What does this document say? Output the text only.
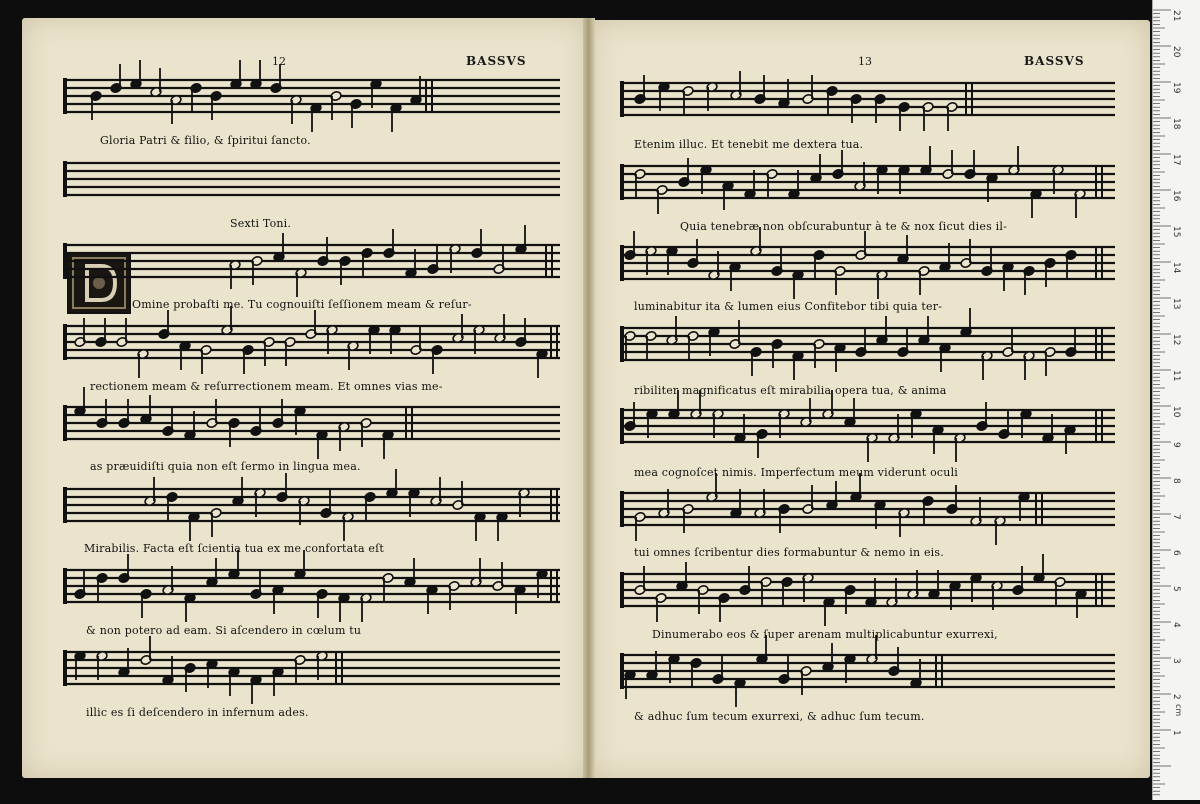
12	BASSVS	13	BASSVS
Gloria Patri & filio, & ſpiritui ſancto.
Sexti Toni.
Omine probaſti me. Tu cognouiſti ſeſſionem meam & reſur-
rectionem meam & reſurrectionem meam. Et omnes vias me-
as præuidiſti quia non eſt ſermo in lingua mea.
Mirabilis. Facta eſt ſcientia tua ex me confortata eſt
& non potero ad eam. Si aſcendero in cœlum tu
illic es ſi deſcendero in infernum ades.
Etenim illuc. Et tenebit me dextera tua.
Quia tenebræ non obſcurabuntur à te & nox ſicut dies il-
luminabitur ita & lumen eius Confitebor tibi quia ter-
ribiliter magnificatus eſt mirabilia opera tua, & anima
mea cognoſcet nimis. Imperfectum meum viderunt oculi
tui omnes ſcribentur dies formabuntur & nemo in eis.
Dinumerabo eos & ſuper arenam multiplicabuntur exurrexi,
& adhuc ſum tecum exurrexi, & adhuc ſum tecum.
1
2
3
4
5
6
7
8
9
10
11
12
13
14
15
16
17
18
19
20
21
cm
